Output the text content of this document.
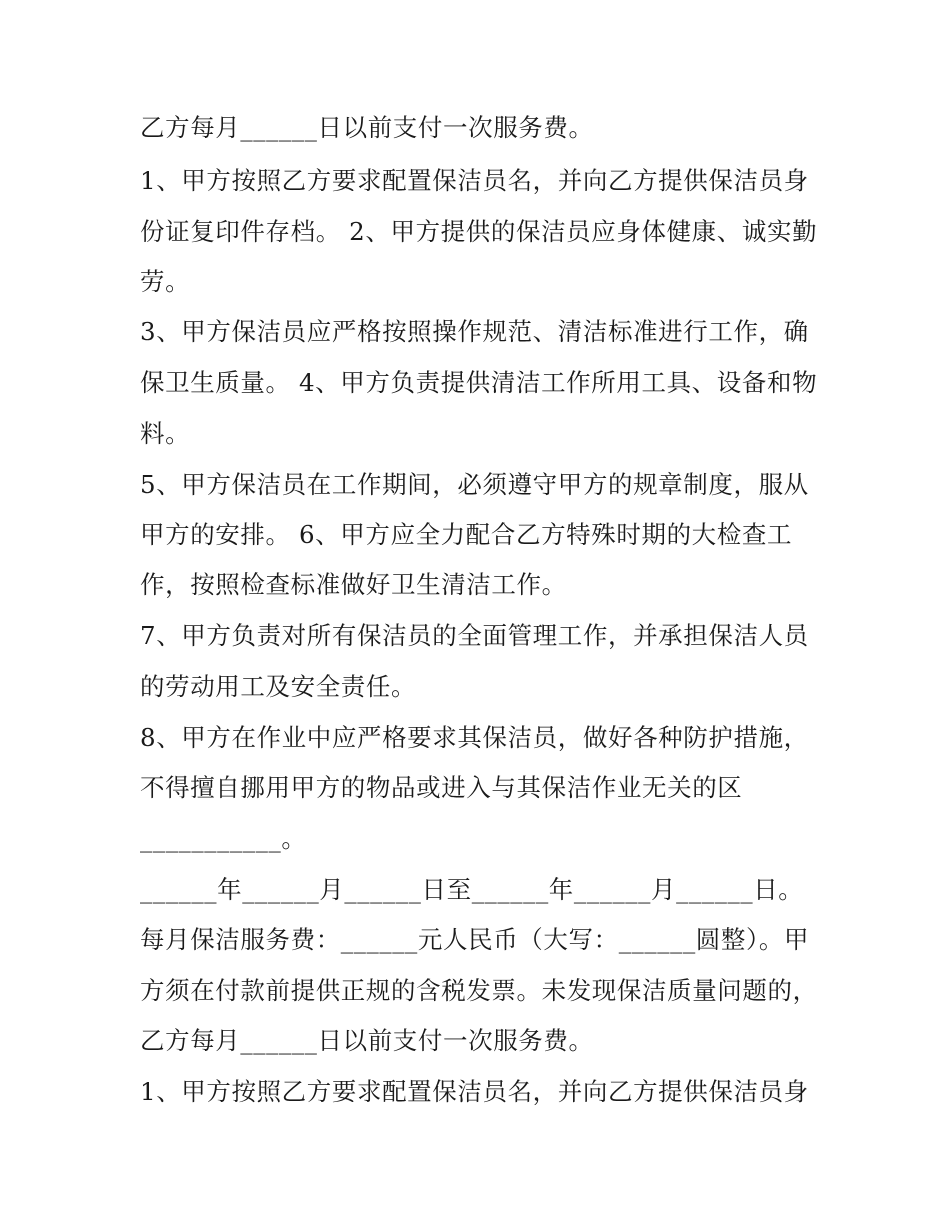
乙方每月______日以前支付一次服务费。
1、甲方按照乙方要求配置保洁员名，并向乙方提供保洁员身
份证复印件存档。 2、甲方提供的保洁员应身体健康、诚实勤
劳。
3、甲方保洁员应严格按照操作规范、清洁标准进行工作，确
保卫生质量。 4、甲方负责提供清洁工作所用工具、设备和物
料。
5、甲方保洁员在工作期间，必须遵守甲方的规章制度，服从
甲方的安排。 6、甲方应全力配合乙方特殊时期的大检查工
作，按照检查标准做好卫生清洁工作。
7、甲方负责对所有保洁员的全面管理工作，并承担保洁人员
的劳动用工及安全责任。
8、甲方在作业中应严格要求其保洁员，做好各种防护措施，
不得擅自挪用甲方的物品或进入与其保洁作业无关的区
___________。
______年______月______日至______年______月______日。
每月保洁服务费：______元人民币（大写：______圆整）。甲
方须在付款前提供正规的含税发票。未发现保洁质量问题的，
乙方每月______日以前支付一次服务费。
1、甲方按照乙方要求配置保洁员名，并向乙方提供保洁员身
